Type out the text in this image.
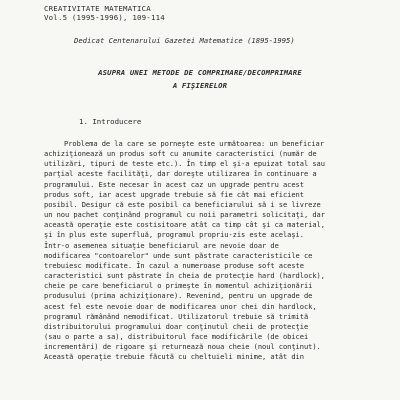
CREATIVITATE MATEMATICA
Vol.5 (1995-1996), 109-114
Dedicat Centenarului Gazetei Matematice (1895-1995)
ASUPRA UNEI METODE DE COMPRIMARE/DECOMPRIMARE
A FIŞIERELOR
1. Introducere
Problema de la care se porneşte este următoarea: un beneficiar
achiziţionează un produs soft cu anumite caracteristici (număr de
utilizări, tipuri de teste etc.). În timp el şi-a epuizat total sau
parţial aceste facilităţi, dar doreşte utilizarea în continuare a
programului. Este necesar în acest caz un upgrade pentru acest
produs soft, iar acest upgrade trebuie să fie cât mai eficient
posibil. Desigur că este posibil ca beneficiarului să i se livreze
un nou pachet conţinând programul cu noii parametri solicitaţi, dar
această operaţie este costisitoare atât ca timp cât şi ca material,
şi în plus este superfluă, programul propriu-zis este acelaşi.
Într-o asemenea situaţie beneficiarul are nevoie doar de
modificarea "contoarelor" unde sunt păstrate caracteristicile ce
trebuiesc modificate. În cazul a numeroase produse soft aceste
caracteristici sunt păstrate în cheia de protecţie hard (hardlock),
cheie pe care beneficiarul o primeşte în momentul achiziţionării
produsului (prima achiziţionare). Revenind, pentru un upgrade de
acest fel este nevoie doar de modificarea unor chei din hardlock,
programul rămânând nemodificat. Utilizatorul trebuie să trimită
distribuitorului programului doar conţinutul cheii de protecţie
(sau o parte a sa), distribuitorul face modificările (de obicei
incrementări) de rigoare şi returnează noua cheie (noul conţinut).
Această operaţie trebuie făcută cu cheltuieli minime, atât din
